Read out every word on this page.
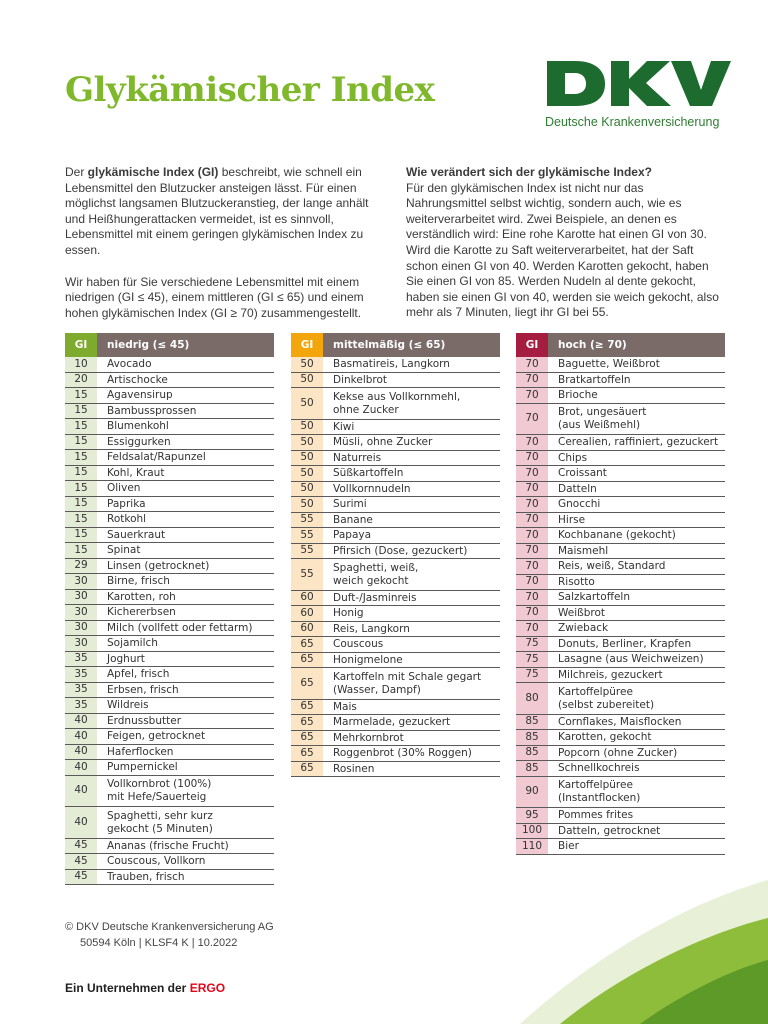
Glykämischer Index
Deutsche Krankenversicherung

Der glykämische Index (GI) beschreibt, wie schnell ein Lebensmittel den Blutzucker ansteigen lässt. Für einen möglichst langsamen Blutzuckeranstieg, der lange anhält und Heißhungerattacken vermeidet, ist es sinnvoll, Lebensmittel mit einem geringen glykämischen Index zu essen.

Wir haben für Sie verschiedene Lebensmittel mit einem niedrigen (GI ≤ 45), einem mittleren (GI ≤ 65) und einem hohen glykämischen Index (GI ≥ 70) zusammengestellt.

Wie verändert sich der glykämische Index?
Für den glykämischen Index ist nicht nur das Nahrungsmittel selbst wichtig, sondern auch, wie es weiterverarbeitet wird. Zwei Beispiele, an denen es verständlich wird: Eine rohe Karotte hat einen GI von 30. Wird die Karotte zu Saft weiterverarbeitet, hat der Saft schon einen GI von 40. Werden Karotten gekocht, haben Sie einen GI von 85. Werden Nudeln al dente gekocht, haben sie einen GI von 40, werden sie weich gekocht, also mehr als 7 Minuten, liegt ihr GI bei 55.
GI	niedrig (≤ 45)
10	Avocado
20	Artischocke
15	Agavensirup
15	Bambussprossen
15	Blumenkohl
15	Essiggurken
15	Feldsalat/Rapunzel
15	Kohl, Kraut
15	Oliven
15	Paprika
15	Rotkohl
15	Sauerkraut
15	Spinat
29	Linsen (getrocknet)
30	Birne, frisch
30	Karotten, roh
30	Kichererbsen
30	Milch (vollfett oder fettarm)
30	Sojamilch
35	Joghurt
35	Apfel, frisch
35	Erbsen, frisch
35	Wildreis
40	Erdnussbutter
40	Feigen, getrocknet
40	Haferflocken
40	Pumpernickel
40	Vollkornbrot (100%)
mit Hefe/Sauerteig
40	Spaghetti, sehr kurz
gekocht (5 Minuten)
45	Ananas (frische Frucht)
45	Couscous, Vollkorn
45	Trauben, frisch
GI	mittelmäßig (≤ 65)
50	Basmatireis, Langkorn
50	Dinkelbrot
50	Kekse aus Vollkornmehl,
ohne Zucker
50	Kiwi
50	Müsli, ohne Zucker
50	Naturreis
50	Süßkartoffeln
50	Vollkornnudeln
50	Surimi
55	Banane
55	Papaya
55	Pfirsich (Dose, gezuckert)
55	Spaghetti, weiß,
weich gekocht
60	Duft-/Jasminreis
60	Honig
60	Reis, Langkorn
65	Couscous
65	Honigmelone
65	Kartoffeln mit Schale gegart
(Wasser, Dampf)
65	Mais
65	Marmelade, gezuckert
65	Mehrkornbrot
65	Roggenbrot (30% Roggen)
65	Rosinen
GI	hoch (≥ 70)
70	Baguette, Weißbrot
70	Bratkartoffeln
70	Brioche
70	Brot, ungesäuert
(aus Weißmehl)
70	Cerealien, raffiniert, gezuckert
70	Chips
70	Croissant
70	Datteln
70	Gnocchi
70	Hirse
70	Kochbanane (gekocht)
70	Maismehl
70	Reis, weiß, Standard
70	Risotto
70	Salzkartoffeln
70	Weißbrot
70	Zwieback
75	Donuts, Berliner, Krapfen
75	Lasagne (aus Weichweizen)
75	Milchreis, gezuckert
80	Kartoffelpüree
(selbst zubereitet)
85	Cornflakes, Maisflocken
85	Karotten, gekocht
85	Popcorn (ohne Zucker)
85	Schnellkochreis
90	Kartoffelpüree
(Instantflocken)
95	Pommes frites
100	Datteln, getrocknet
110	Bier
© DKV Deutsche Krankenversicherung AG
50594 Köln | KLSF4 K | 10.2022
Ein Unternehmen der ERGO
